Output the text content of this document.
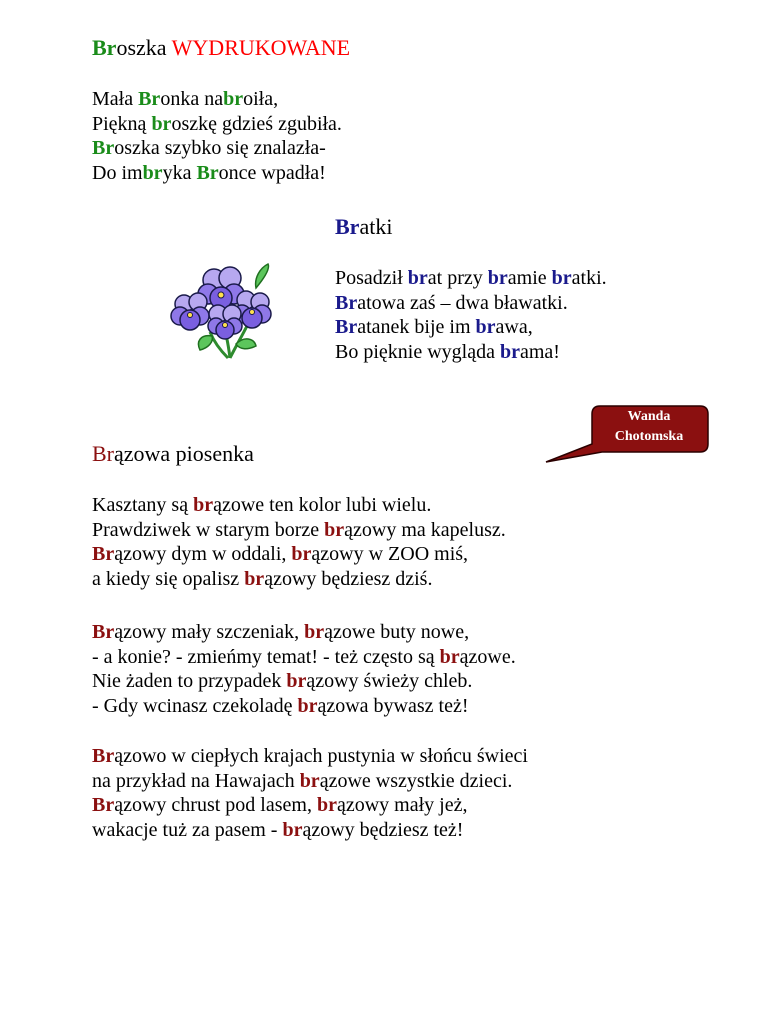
Broszka WYDRUKOWANE
Mała Bronka nabroiła,
Piękną broszkę gdzieś zgubiła.
Broszka szybko się znalazła-
Do imbryka Bronce wpadła!
Bratki
Posadził brat przy bramie bratki.
Bratowa zaś – dwa bławatki.
Bratanek bije im brawa,
Bo pięknie wygląda brama!
Wanda
Chotomska
Brązowa piosenka
Kasztany są brązowe ten kolor lubi wielu.
Prawdziwek w starym borze brązowy ma kapelusz.
Brązowy dym w oddali, brązowy w ZOO miś,
a kiedy się opalisz brązowy będziesz dziś.
Brązowy mały szczeniak, brązowe buty nowe,
- a konie? - zmieńmy temat! - też często są brązowe.
Nie żaden to przypadek brązowy świeży chleb.
- Gdy wcinasz czekoladę brązowa bywasz też!
Brązowo w ciepłych krajach pustynia w słońcu świeci
na przykład na Hawajach brązowe wszystkie dzieci.
Brązowy chrust pod lasem, brązowy mały jeż,
wakacje tuż za pasem - brązowy będziesz też!
